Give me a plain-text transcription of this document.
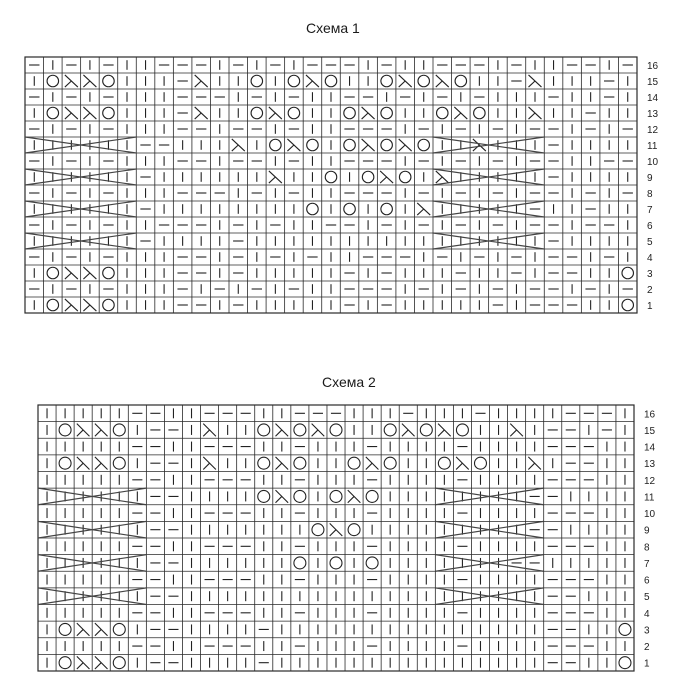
Схема 1
Схема 2
1
2
3
4
5
6
7
8
9
10
11
12
13
14
15
16
1
2
3
4
5
6
7
8
9
10
11
12
13
14
15
16
